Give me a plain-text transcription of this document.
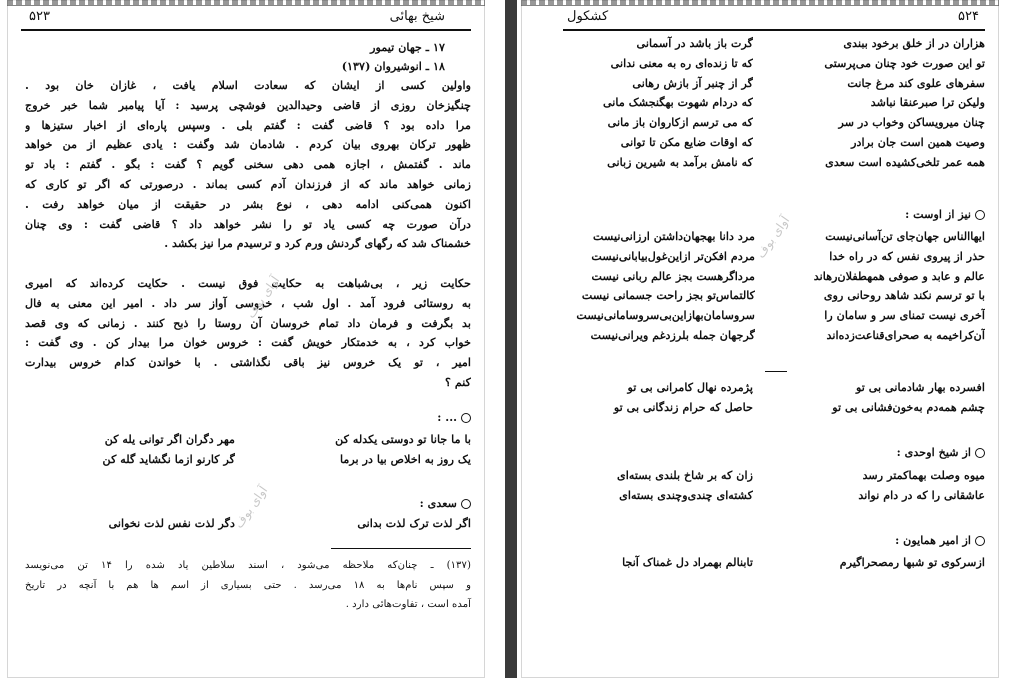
۵۲۳	شیخ بهائی
۱۷ ـ جهان تیمور
۱۸ ـ انوشیروان (۱۳۷)
واولین کسی از ایشان که سعادت اسلام یافت ، غازان خان بود .
چنگیزخان روزی از قاضی وحیدالدین فوشچی پرسید : آیا پیامبر شما خبر خروج
مرا داده بود ؟ قاضی گفت : گفتم بلی . وسپس پاره‌ای از اخبار ستیزها و
ظهور ترکان بهروی بیان کردم . شادمان شد وگفت : یادی عظیم از من خواهد
ماند . گفتمش ، اجازه همی دهی سخنی گویم ؟ گفت : بگو . گفتم : باد تو
زمانی خواهد ماند که از فرزندان آدم کسی بماند . درصورتی که اگر تو کاری که
اکنون همی‌کنی ادامه دهی ، نوع بشر در حقیقت از میان خواهد رفت .
درآن صورت چه کسی یاد تو را نشر خواهد داد ؟ قاضی گفت : وی چنان
خشمناک شد که رگهای گردنش ورم کرد و ترسیدم مرا نیز بکشد .
حکایت زیر ، بی‌شباهت به حکایت فوق نیست . حکایت کرده‌اند که امیری
به روستائی فرود آمد . اول شب ، خروسی آواز سر داد . امیر این معنی به فال
بد بگرفت و فرمان داد تمام خروسان آن روستا را ذبح کنند . زمانی که وی قصد
خواب کرد ، به خدمتکار خویش گفت : خروس خوان مرا بیدار کن . وی گفت :
امیر ، تو یک خروس نیز باقی نگذاشتی . با خواندن کدام خروس بیدارت
کنم ؟
... :
با ما جانا تو دوستی یکدله کن
یک روز به اخلاص بیا در برما
مهر دگران اگر توانی یله کن
گر کارنو ازما نگشاید گله کن
سعدی :
اگر لذت ترک لذت بدانی
دگر لذت نفس لذت نخوانی
(۱۳۷) ـ چنان‌که ملاحظه می‌شود ، اسند سلاطین یاد شده را ۱۴ تن می‌نویسد
و سپس نام‌ها به ۱۸ می‌رسد . حتی بسیاری از اسم ها هم با آنچه در تاریخ
آمده است ، تفاوت‌هائی دارد .
آوای بوف
آوای بوف
کشکول	۵۲۴
هزاران در از خلق برخود ببندی
تو این صورت خود چنان می‌پرستی
سفرهای علوی کند مرغ جانت
ولیکن ترا صبرعنقا نباشد
چنان میرویساکن وخواب در سر
وصیت همین است جان برادر
همه عمر تلخی‌کشیده است سعدی
گرت باز باشد در آسمانی
که تا زنده‌ای ره به معنی ندانی
گر از چنبر آز بازش رهانی
که دردام شهوت بهگنجشک مانی
که می ترسم ازکاروان باز مانی
که اوقات ضایع مکن تا توانی
که نامش برآمد به شیرین زبانی
نیز از اوست :
ایهاالناس جهان‌جای تن‌آسانی‌نیست
حذر از پیروی نفس که در راه خدا
عالم و عابد و صوفی همهطفلان‌رهاند
با تو ترسم نکند شاهد روحانی روی
آخری نیست تمنای سر و سامان را
آن‌کراخیمه به صحرای‌قناعت‌زده‌اند
مرد دانا بهجهان‌داشتن ارزانی‌نیست
مردم افکن‌تر ازاین‌غول‌بیابانی‌نیست
مردا‌گرهست بجز عالم ربانی نیست
کالتماس‌تو بجز راحت جسمانی نیست
سروسامان‌بهازاین‌بی‌سروسامانی‌نیست
گرجهان جمله بلرزدغم ویرانی‌نیست
افسرده بهار شادمانی بی تو
چشم همه‌دم به‌خون‌فشانی بی تو
پژمرده نهال کامرانی بی تو
حاصل که حرام زندگانی بی تو
از شیخ اوحدی :
میوه وصلت بهماکمتر رسد
عاشقانی را که در دام نواند
زان که بر شاخ بلندی بسته‌ای
کشته‌ای چندی‌وچندی بسته‌ای
از امیر همایون :
ازسرکوی تو شبها رمصحراگیرم
تابنالم بهمراد دل غمناک آنجا
آوای بوف
